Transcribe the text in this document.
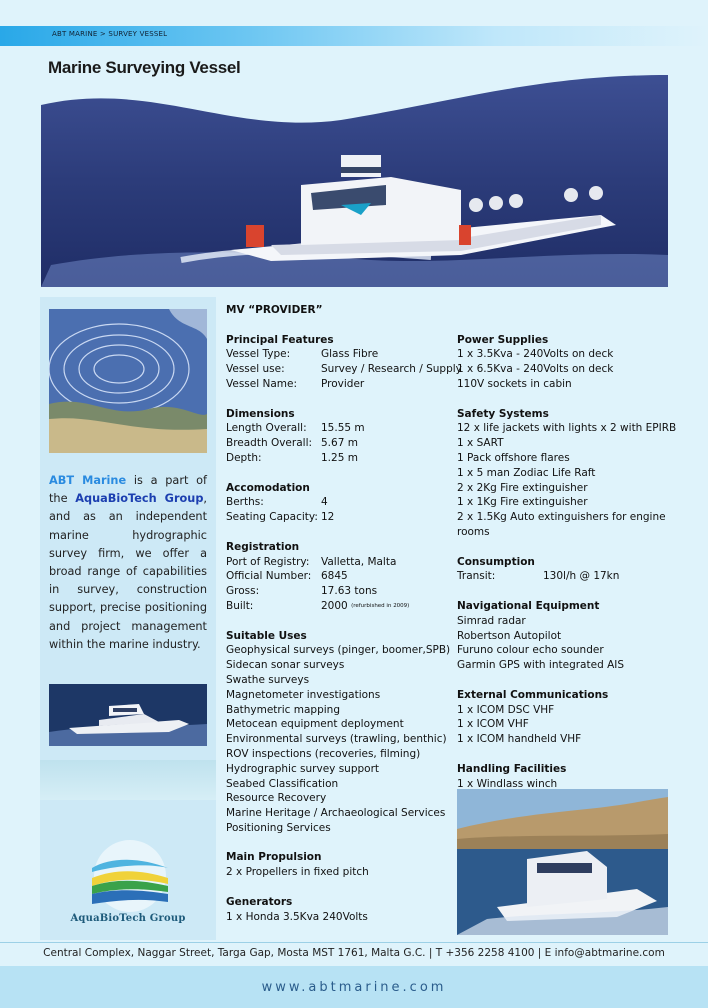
ABT MARINE > SURVEY VESSEL
Marine Surveying Vessel
ABT Marine is a part of the AquaBioTech Group, and as an independent marine hydrographic survey firm, we offer a broad range of capabilities in survey, construction support, precise positioning and project management within the marine industry.
AquaBioTech Group
MV “PROVIDER”
Principal Features
Vessel Type:	Glass Fibre
Vessel use:	Survey / Research / Supply
Vessel Name:	Provider
Dimensions
Length Overall:	15.55 m
Breadth Overall: 5.67 m
Depth:	1.25 m
Accomodation
Berths:	4
Seating Capacity: 12
Registration
Port of Registry:	Valletta, Malta
Official Number: 6845
Gross:	17.63 tons
Built:	2000
(refurbished in 2009)
Suitable Uses
Geophysical surveys (pinger, boomer,SPB)
Sidecan sonar surveys
Swathe surveys
Magnetometer investigations
Bathymetric mapping
Metocean equipment deployment
Environmental surveys (trawling, benthic)
ROV inspections (recoveries, filming)
Hydrographic survey support
Seabed Classification
Resource Recovery
Marine Heritage / Archaeological Services
Positioning Services
Main Propulsion
2 x Propellers in fixed pitch
Generators
1 x Honda 3.5Kva 240Volts
Power Supplies
1 x 3.5Kva - 240Volts on deck
1 x 6.5Kva - 240Volts on deck
110V sockets in cabin
Safety Systems
12 x life jackets with lights x 2 with EPIRB
1 x SART
1 Pack offshore flares
1 x 5 man Zodiac Life Raft
2 x 2Kg Fire extinguisher
1 x 1Kg Fire extinguisher
2 x 1.5Kg Auto extinguishers for engine rooms
Consumption
Transit:	130l/h @ 17kn
Navigational Equipment
Simrad radar
Robertson Autopilot
Furuno colour echo sounder
Garmin GPS with integrated AIS
External Communications
1 x ICOM DSC VHF
1 x ICOM VHF
1 x ICOM handheld VHF
Handling Facilities
1 x Windlass winch
Central Complex, Naggar Street, Targa Gap, Mosta MST 1761, Malta G.C. | T +356 2258 4100 | E info@abtmarine.com
www.abtmarine.com
